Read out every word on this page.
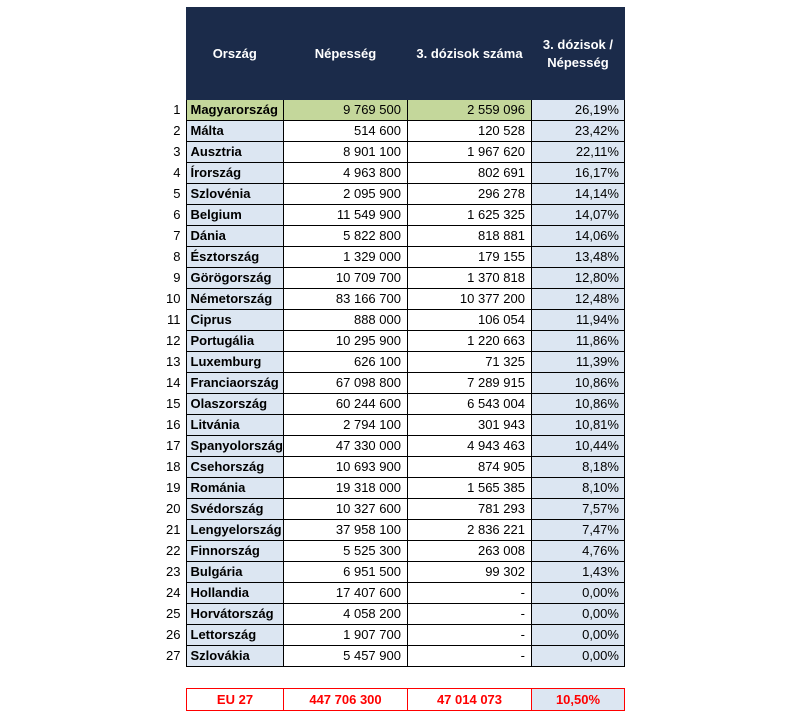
	Ország	Népesség	3. dózisok száma	3. dózisok /
Népesség
1	Magyarország	9 769 500	2 559 096	26,19%
2	Málta	514 600	120 528	23,42%
3	Ausztria	8 901 100	1 967 620	22,11%
4	Írország	4 963 800	802 691	16,17%
5	Szlovénia	2 095 900	296 278	14,14%
6	Belgium	11 549 900	1 625 325	14,07%
7	Dánia	5 822 800	818 881	14,06%
8	Észtország	1 329 000	179 155	13,48%
9	Görögország	10 709 700	1 370 818	12,80%
10	Németország	83 166 700	10 377 200	12,48%
11	Ciprus	888 000	106 054	11,94%
12	Portugália	10 295 900	1 220 663	11,86%
13	Luxemburg	626 100	71 325	11,39%
14	Franciaország	67 098 800	7 289 915	10,86%
15	Olaszország	60 244 600	6 543 004	10,86%
16	Litvánia	2 794 100	301 943	10,81%
17	Spanyolország	47 330 000	4 943 463	10,44%
18	Csehország	10 693 900	874 905	8,18%
19	Románia	19 318 000	1 565 385	8,10%
20	Svédország	10 327 600	781 293	7,57%
21	Lengyelország	37 958 100	2 836 221	7,47%
22	Finnország	5 525 300	263 008	4,76%
23	Bulgária	6 951 500	99 302	1,43%
24	Hollandia	17 407 600	-	0,00%
25	Horvátország	4 058 200	-	0,00%
26	Lettország	1 907 700	-	0,00%
27	Szlovákia	5 457 900	-	0,00%
EU 27	447 706 300	47 014 073	10,50%
